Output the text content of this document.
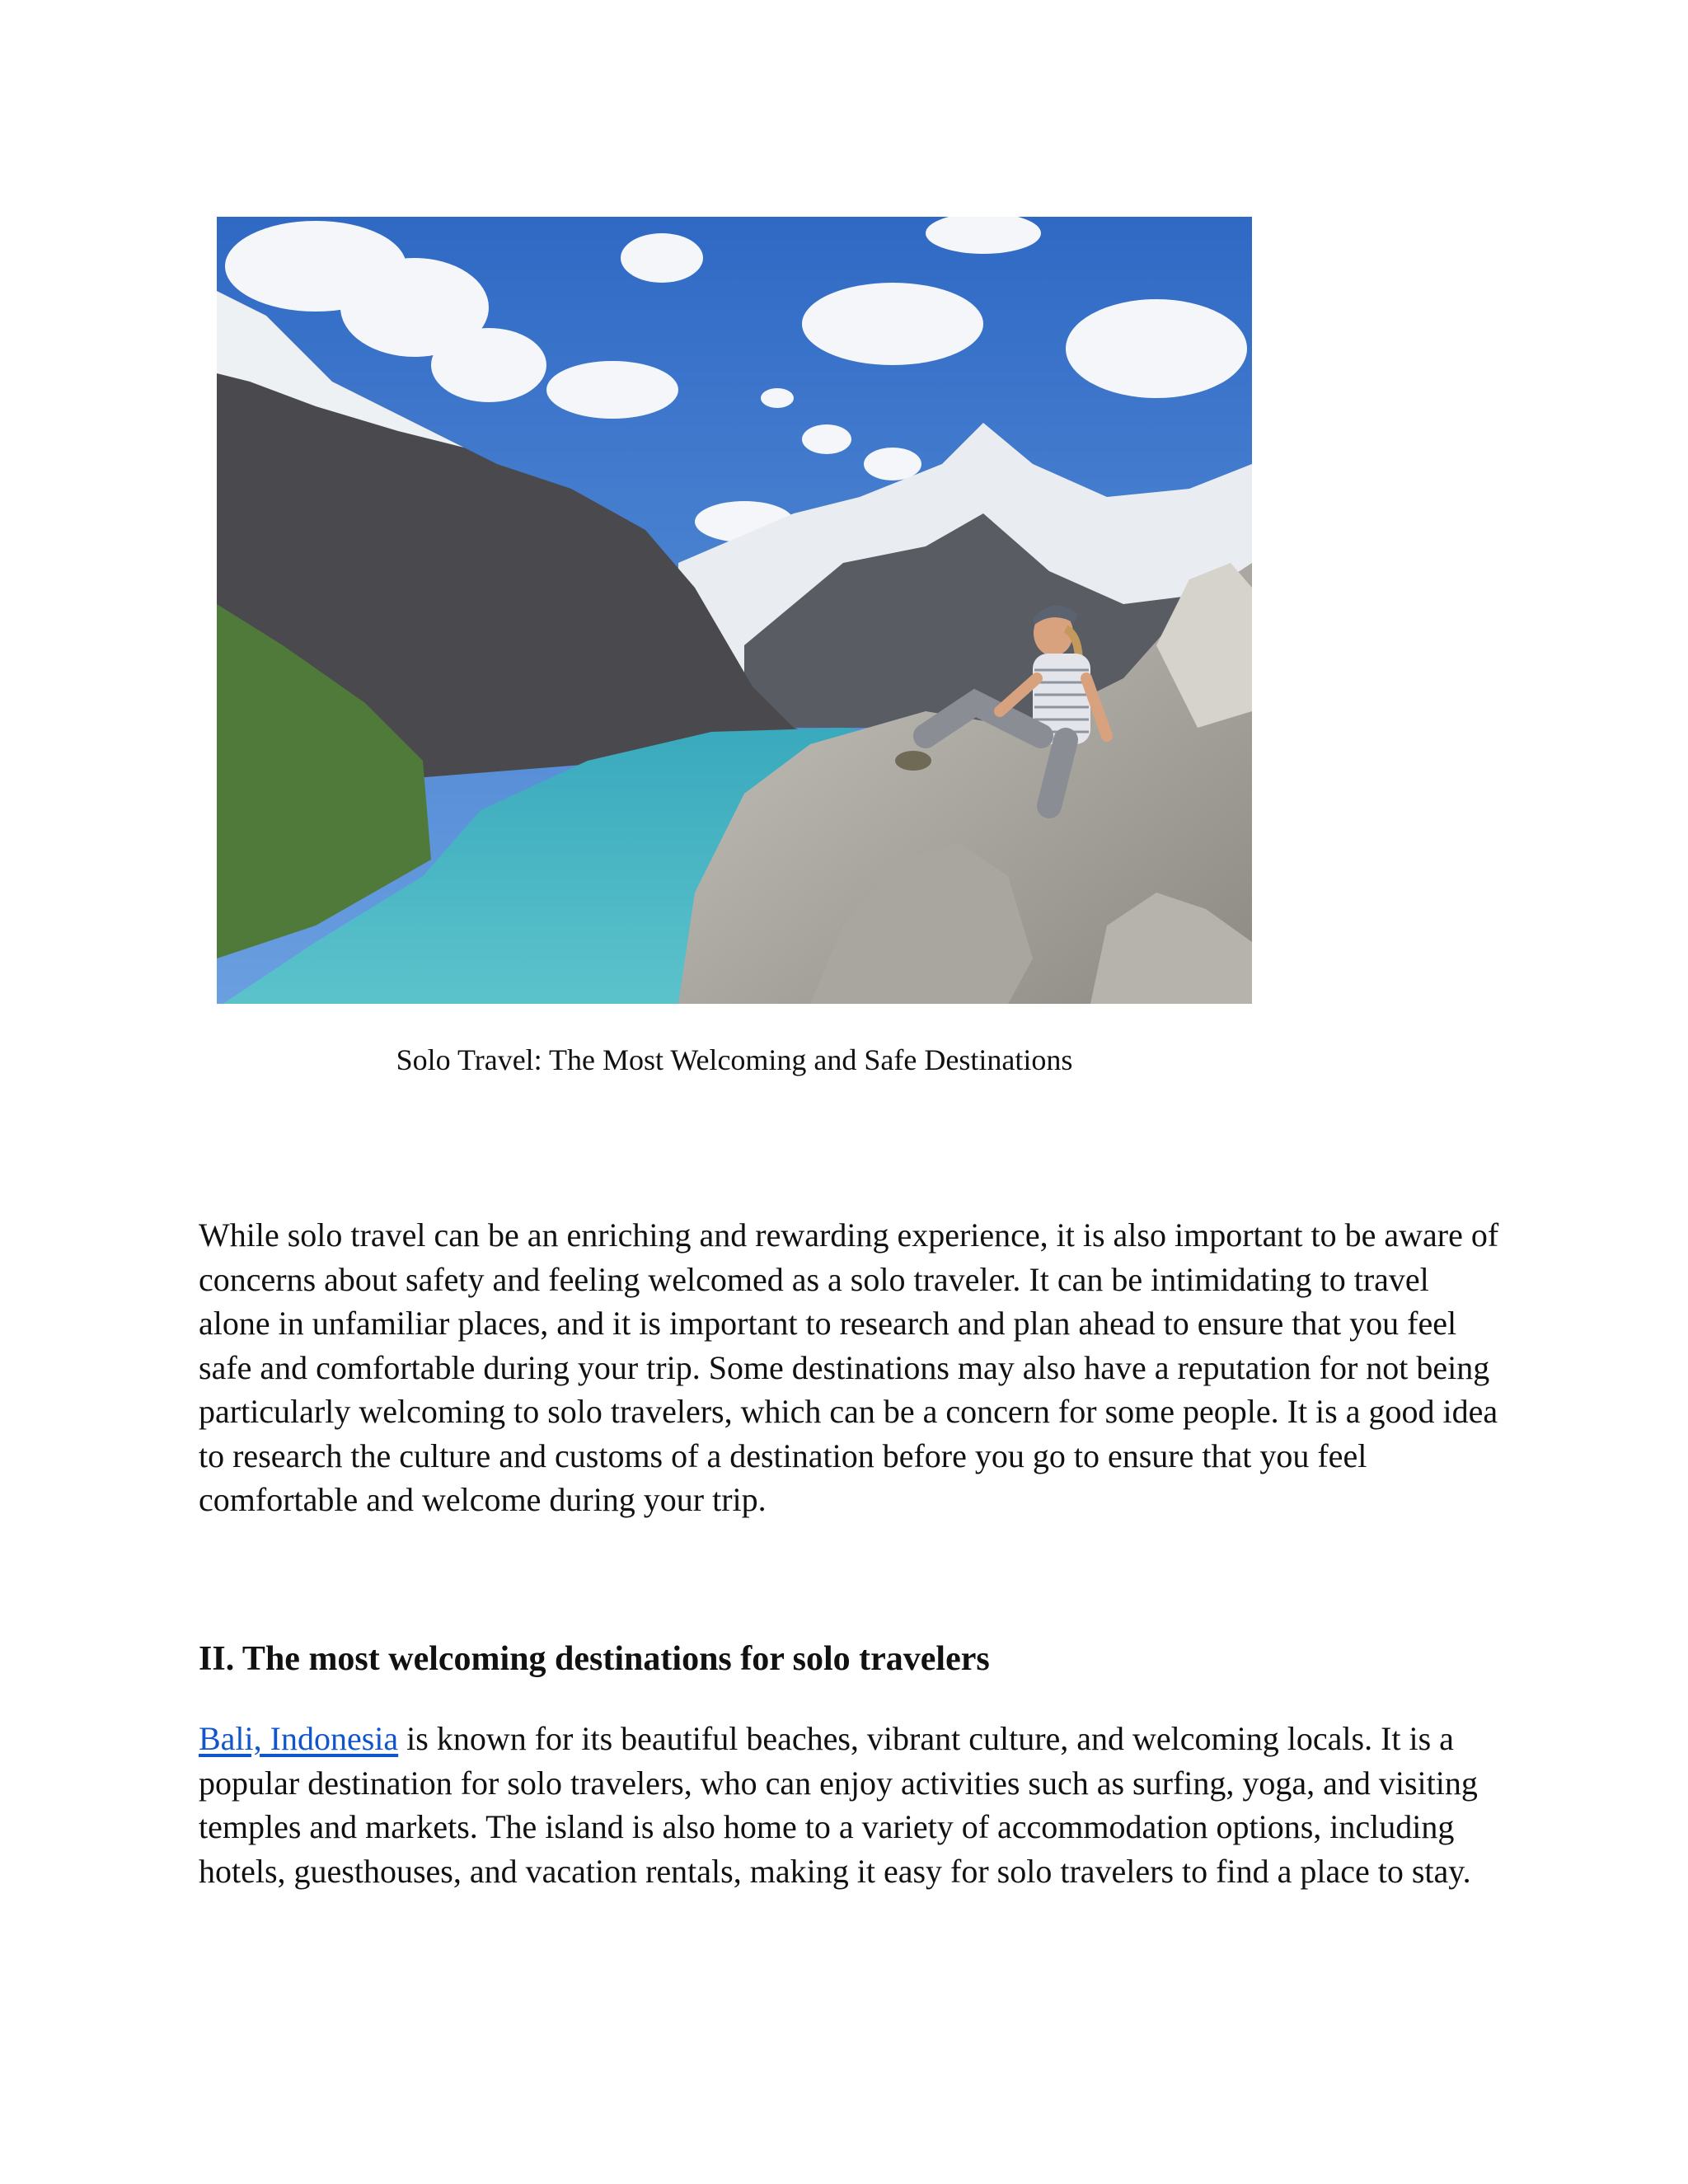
Solo Travel: The Most Welcoming and Safe Destinations

While solo travel can be an enriching and rewarding experience, it is also important to be aware of concerns about safety and feeling welcomed as a solo traveler. It can be intimidating to travel alone in unfamiliar places, and it is important to research and plan ahead to ensure that you feel safe and comfortable during your trip. Some destinations may also have a reputation for not being particularly welcoming to solo travelers, which can be a concern for some people. It is a good idea to research the culture and customs of a destination before you go to ensure that you feel comfortable and welcome during your trip.

II. The most welcoming destinations for solo travelers

Bali, Indonesia is known for its beautiful beaches, vibrant culture, and welcoming locals. It is a popular destination for solo travelers, who can enjoy activities such as surfing, yoga, and visiting temples and markets. The island is also home to a variety of accommodation options, including hotels, guesthouses, and vacation rentals, making it easy for solo travelers to find a place to stay.
